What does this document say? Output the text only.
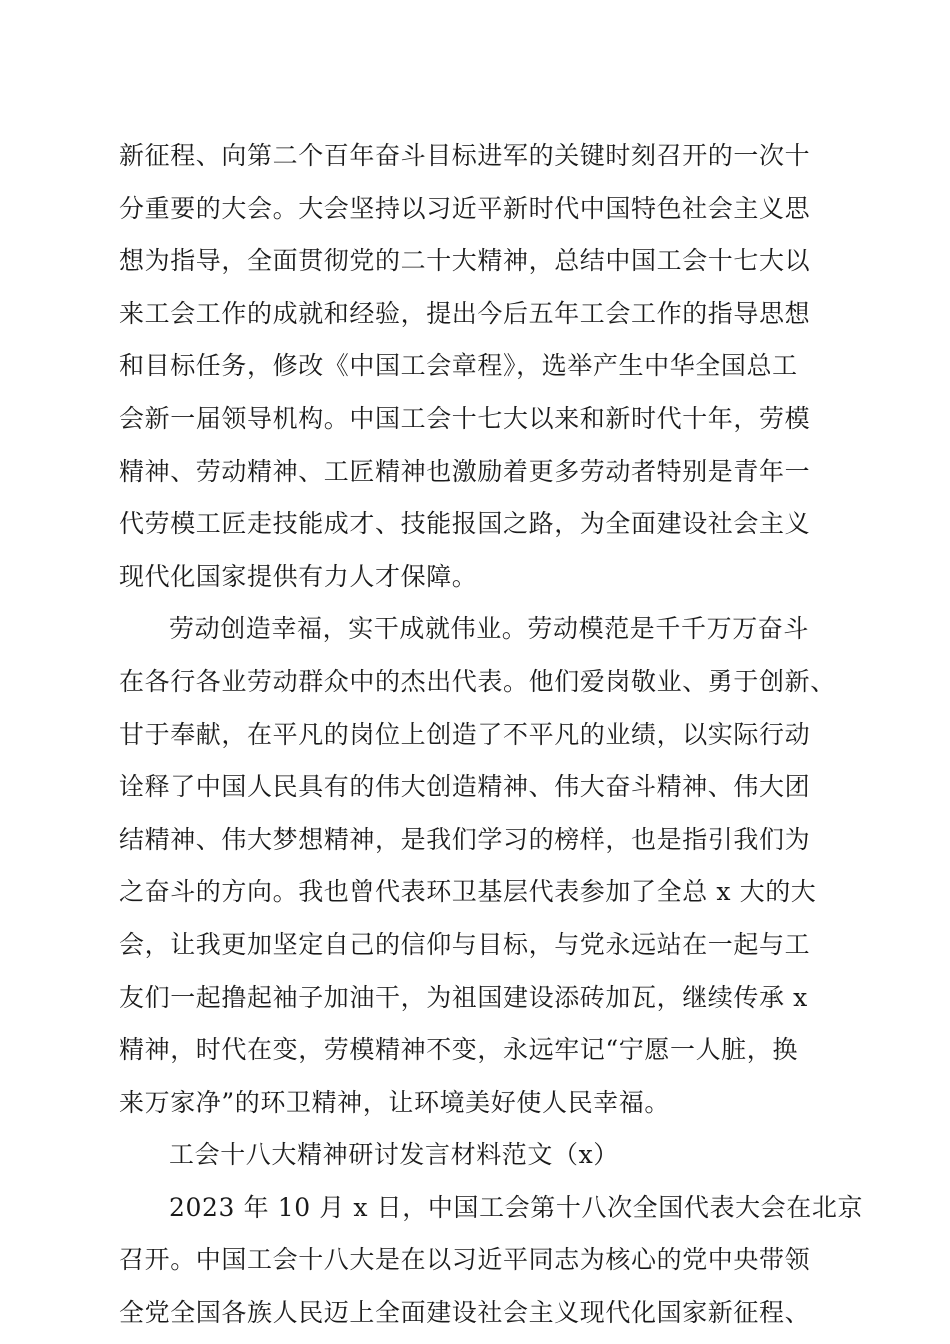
新征程、向第二个百年奋斗目标进军的关键时刻召开的一次十
分重要的大会。大会坚持以习近平新时代中国特色社会主义思
想为指导，全面贯彻党的二十大精神，总结中国工会十七大以
来工会工作的成就和经验，提出今后五年工会工作的指导思想
和目标任务，修改《中国工会章程》，选举产生中华全国总工
会新一届领导机构。中国工会十七大以来和新时代十年，劳模
精神、劳动精神、工匠精神也激励着更多劳动者特别是青年一
代劳模工匠走技能成才、技能报国之路，为全面建设社会主义
现代化国家提供有力人才保障。
劳动创造幸福，实干成就伟业。劳动模范是千千万万奋斗
在各行各业劳动群众中的杰出代表。他们爱岗敬业、勇于创新、
甘于奉献，在平凡的岗位上创造了不平凡的业绩，以实际行动
诠释了中国人民具有的伟大创造精神、伟大奋斗精神、伟大团
结精神、伟大梦想精神，是我们学习的榜样，也是指引我们为
之奋斗的方向。我也曾代表环卫基层代表参加了全总 x 大的大
会，让我更加坚定自己的信仰与目标，与党永远站在一起与工
友们一起撸起袖子加油干，为祖国建设添砖加瓦，继续传承 x
精神，时代在变，劳模精神不变，永远牢记“宁愿一人脏，换
来万家净”的环卫精神，让环境美好使人民幸福。
工会十八大精神研讨发言材料范文（x）
2023 年 10 月 x 日，中国工会第十八次全国代表大会在北京
召开。中国工会十八大是在以习近平同志为核心的党中央带领
全党全国各族人民迈上全面建设社会主义现代化国家新征程、
